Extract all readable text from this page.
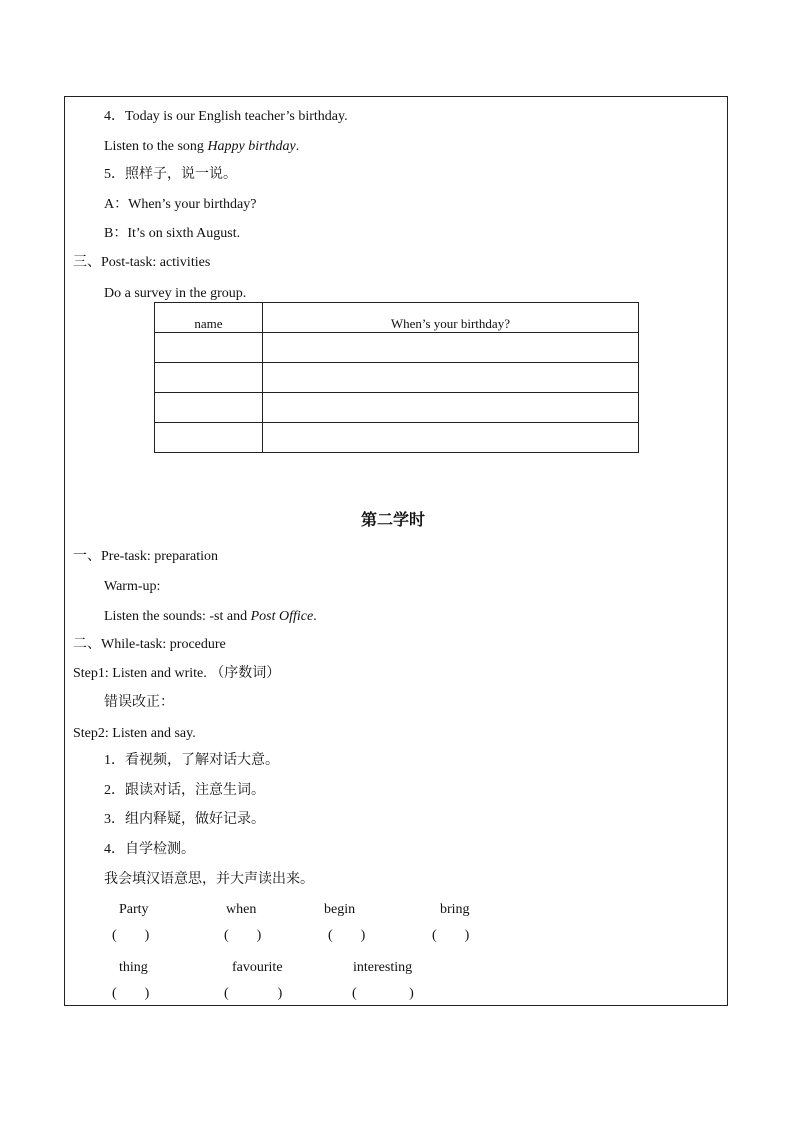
4．Today is our English teacher’s birthday.
Listen to the song Happy birthday.
5．照样子，说一说。
A：When’s your birthday?
B：It’s on sixth August.
三、Post-task: activities
Do a survey in the group.
name	When’s your birthday?

第二学时
一、Pre-task: preparation
Warm-up:
Listen the sounds: -st and Post Office.
二、While-task: procedure
Step1: Listen and write. （序数词）
错误改正：
Step2: Listen and say.
1．看视频，了解对话大意。
2．跟读对话，注意生词。
3．组内释疑，做好记录。
4．自学检测。
我会填汉语意思，并大声读出来。
Party	when	begin	bring
(        )	(        )	(        )	(        )
thing	favourite	interesting
(        )	(              )	(               )
